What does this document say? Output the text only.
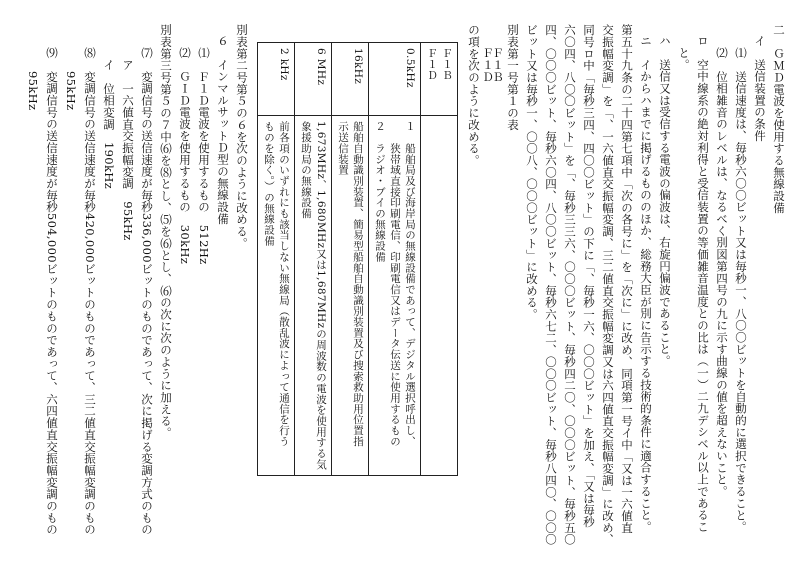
二　ＧＭＤ電波を使用する無線設備
イ　送信装置の条件
⑴　送信速度は、毎秒六〇〇ビット又は毎秒一、八〇〇ビットを自動的に選択できること。
⑵　位相雑音のレベルは、なるべく別図第四号の九に示す曲線の値を超えないこと。
ロ　空中線系の絶対利得と受信装置の等価雑音温度との比は（一）二九デシベル以上であるこ
と。
ハ　送信又は受信する電波の偏波は、右旋円偏波であること。
ニ　イからハまでに掲げるもののほか、総務大臣が別に告示する技術的条件に適合すること。
第五十九条の二十四第七項中「次の各号に」を「次に」に改め、同項第一号イ中「又は一六値直
交振幅変調」を「、一六値直交振幅変調、三二値直交振幅変調又は六四値直交振幅変調」に改め、
同号ロ中「毎秒三四、四〇〇ビット」の下に「、毎秒一六、〇〇〇ビット」を加え、「又は毎秒
六〇四、八〇〇ビット」を「、毎秒三三六、〇〇〇ビット、毎秒四二〇、〇〇〇ビット、毎秒五〇
四、〇〇〇ビット、毎秒六〇四、八〇〇ビット、毎秒六七二、〇〇〇ビット、毎秒八四〇、〇〇〇
ビット又は毎秒一、〇〇八、〇〇〇ビット」に改める。
別表第一号第１の表
Ｆ１Ｂ
Ｆ１Ｄ
の項を次のように改める。
Ｆ１Ｂ
Ｆ１Ｄ

0.5kHz	１　船舶局及び海岸局の無線設備であって、デジタル選択呼出し、
　　狭帯域直接印刷電信、印刷電信又はデータ伝送に使用するもの
２　ラジオ・ブイの無線設備

16kHz	船舶自動識別装置、簡易型船舶自動識別装置及び捜索救助用位置指
示送信装置

6 MHz	1,673MHz、1,680MHz又は1,687MHzの周波数の電波を使用する気
象援助局の無線設備

2 kHz	前各項のいずれにも該当しない無線局（散乱波によって通信を行う
ものを除く。）の無線設備
別表第二号第５の６を次のように改める。
６　インマルサットＤ型の無線設備
⑴　Ｆ１Ｄ電波を使用するもの　512Hz
⑵　ＧＩＤ電波を使用するもの　30kHz
別表第三号第５の７中⑹を⑻とし、⑸を⑹とし、⑹の次に次のように加える。
⑺　変調信号の送信速度が毎秒336,000ビットのものであって、次に掲げる変調方式のもの
ア　一六値直交振幅変調　95kHz
イ　位相変調　190kHz
⑻　変調信号の送信速度が毎秒420,000ビットのものであって、三二値直交振幅変調のもの
95kHz
⑼　変調信号の送信速度が毎秒504,000ビットのものであって、六四値直交振幅変調のもの
95kHz
